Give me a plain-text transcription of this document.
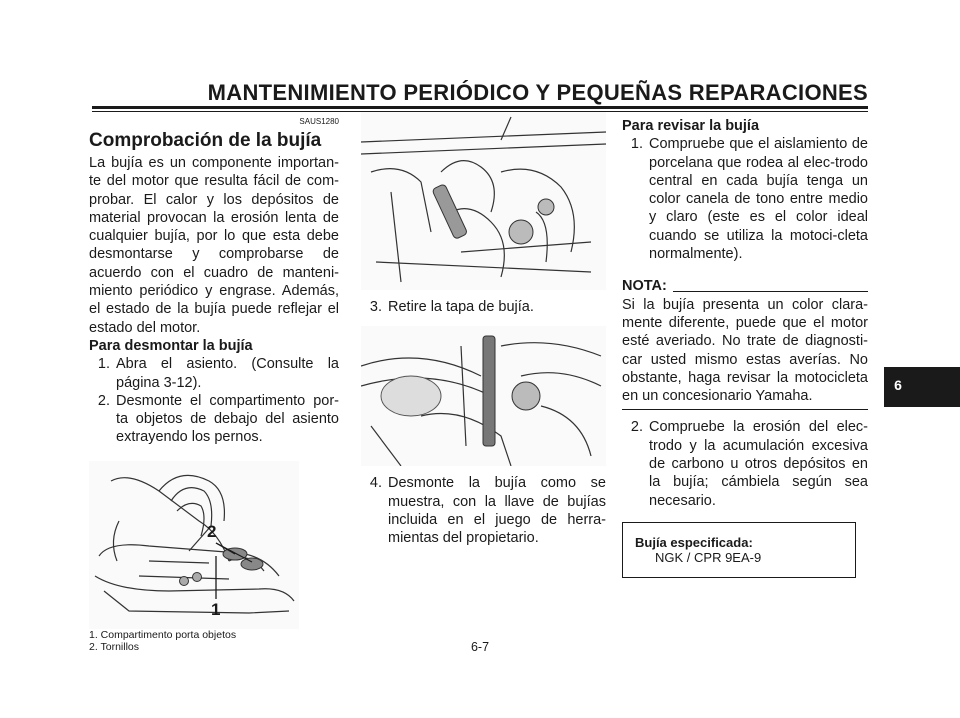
MANTENIMIENTO PERIÓDICO Y PEQUEÑAS REPARACIONES

SAUS1280

Comprobación de la bujía

La bujía es un componente importan-te del motor que resulta fácil de com-probar. El calor y los depósitos de material provocan la erosión lenta de cualquier bujía, por lo que esta debe desmontarse y comprobarse de acuerdo con el cuadro de manteni-miento periódico y engrase. Además, el estado de la bujía puede reflejar el estado del motor.

Para desmontar la bujía

1. Abra el asiento. (Consulte la página 3-12).
2. Desmonte el compartimento por-ta objetos de debajo del asiento extrayendo los pernos.
2
1

1. Compartimento porta objetos

2. Tornillos

3. Retire la tapa de bujía.
4. Desmonte la bujía como se muestra, con la llave de bujías incluida en el juego de herra-mientas del propietario.

Para revisar la bujía

1. Compruebe que el aislamiento de porcelana que rodea al elec-trodo central en cada bujía tenga un color canela de tono entre medio y claro (este es el color ideal cuando se utiliza la motoci-cleta normalmente).
NOTA:

Si la bujía presenta un color clara-mente diferente, puede que el motor esté averiado. No trate de diagnosti-car usted mismo estas averías. No obstante, haga revisar la motocicleta en un concesionario Yamaha.

2. Compruebe la erosión del elec-trodo y la acumulación excesiva de carbono u otros depósitos en la bujía; cámbiela según sea necesario.
Bujía especificada:
NGK / CPR 9EA-9
6-7
6
